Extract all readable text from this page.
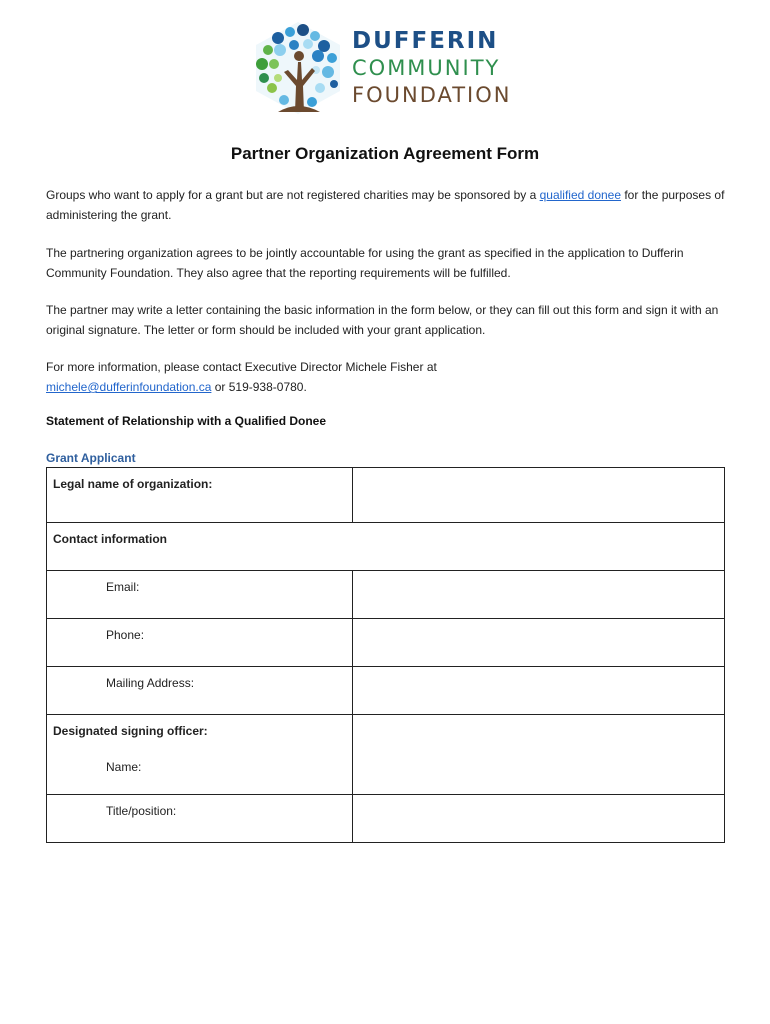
DUFFERIN
COMMUNITY
FOUNDATION
Partner Organization Agreement Form

Groups who want to apply for a grant but are not registered charities may be sponsored by a qualified donee for the purposes of administering the grant.

The partnering organization agrees to be jointly accountable for using the grant as specified in the application to Dufferin Community Foundation. They also agree that the reporting requirements will be fulfilled.

The partner may write a letter containing the basic information in the form below, or they can fill out this form and sign it with an original signature. The letter or form should be included with your grant application.

For more information, please contact Executive Director Michele Fisher at
michele@dufferinfoundation.ca or 519-938-0780.

Statement of Relationship with a Qualified Donee
Grant Applicant
Legal name of organization:	

Contact information	
Email:	

Phone:	

Mailing Address:	

Designated signing officer:
Name:	

Title/position:	
